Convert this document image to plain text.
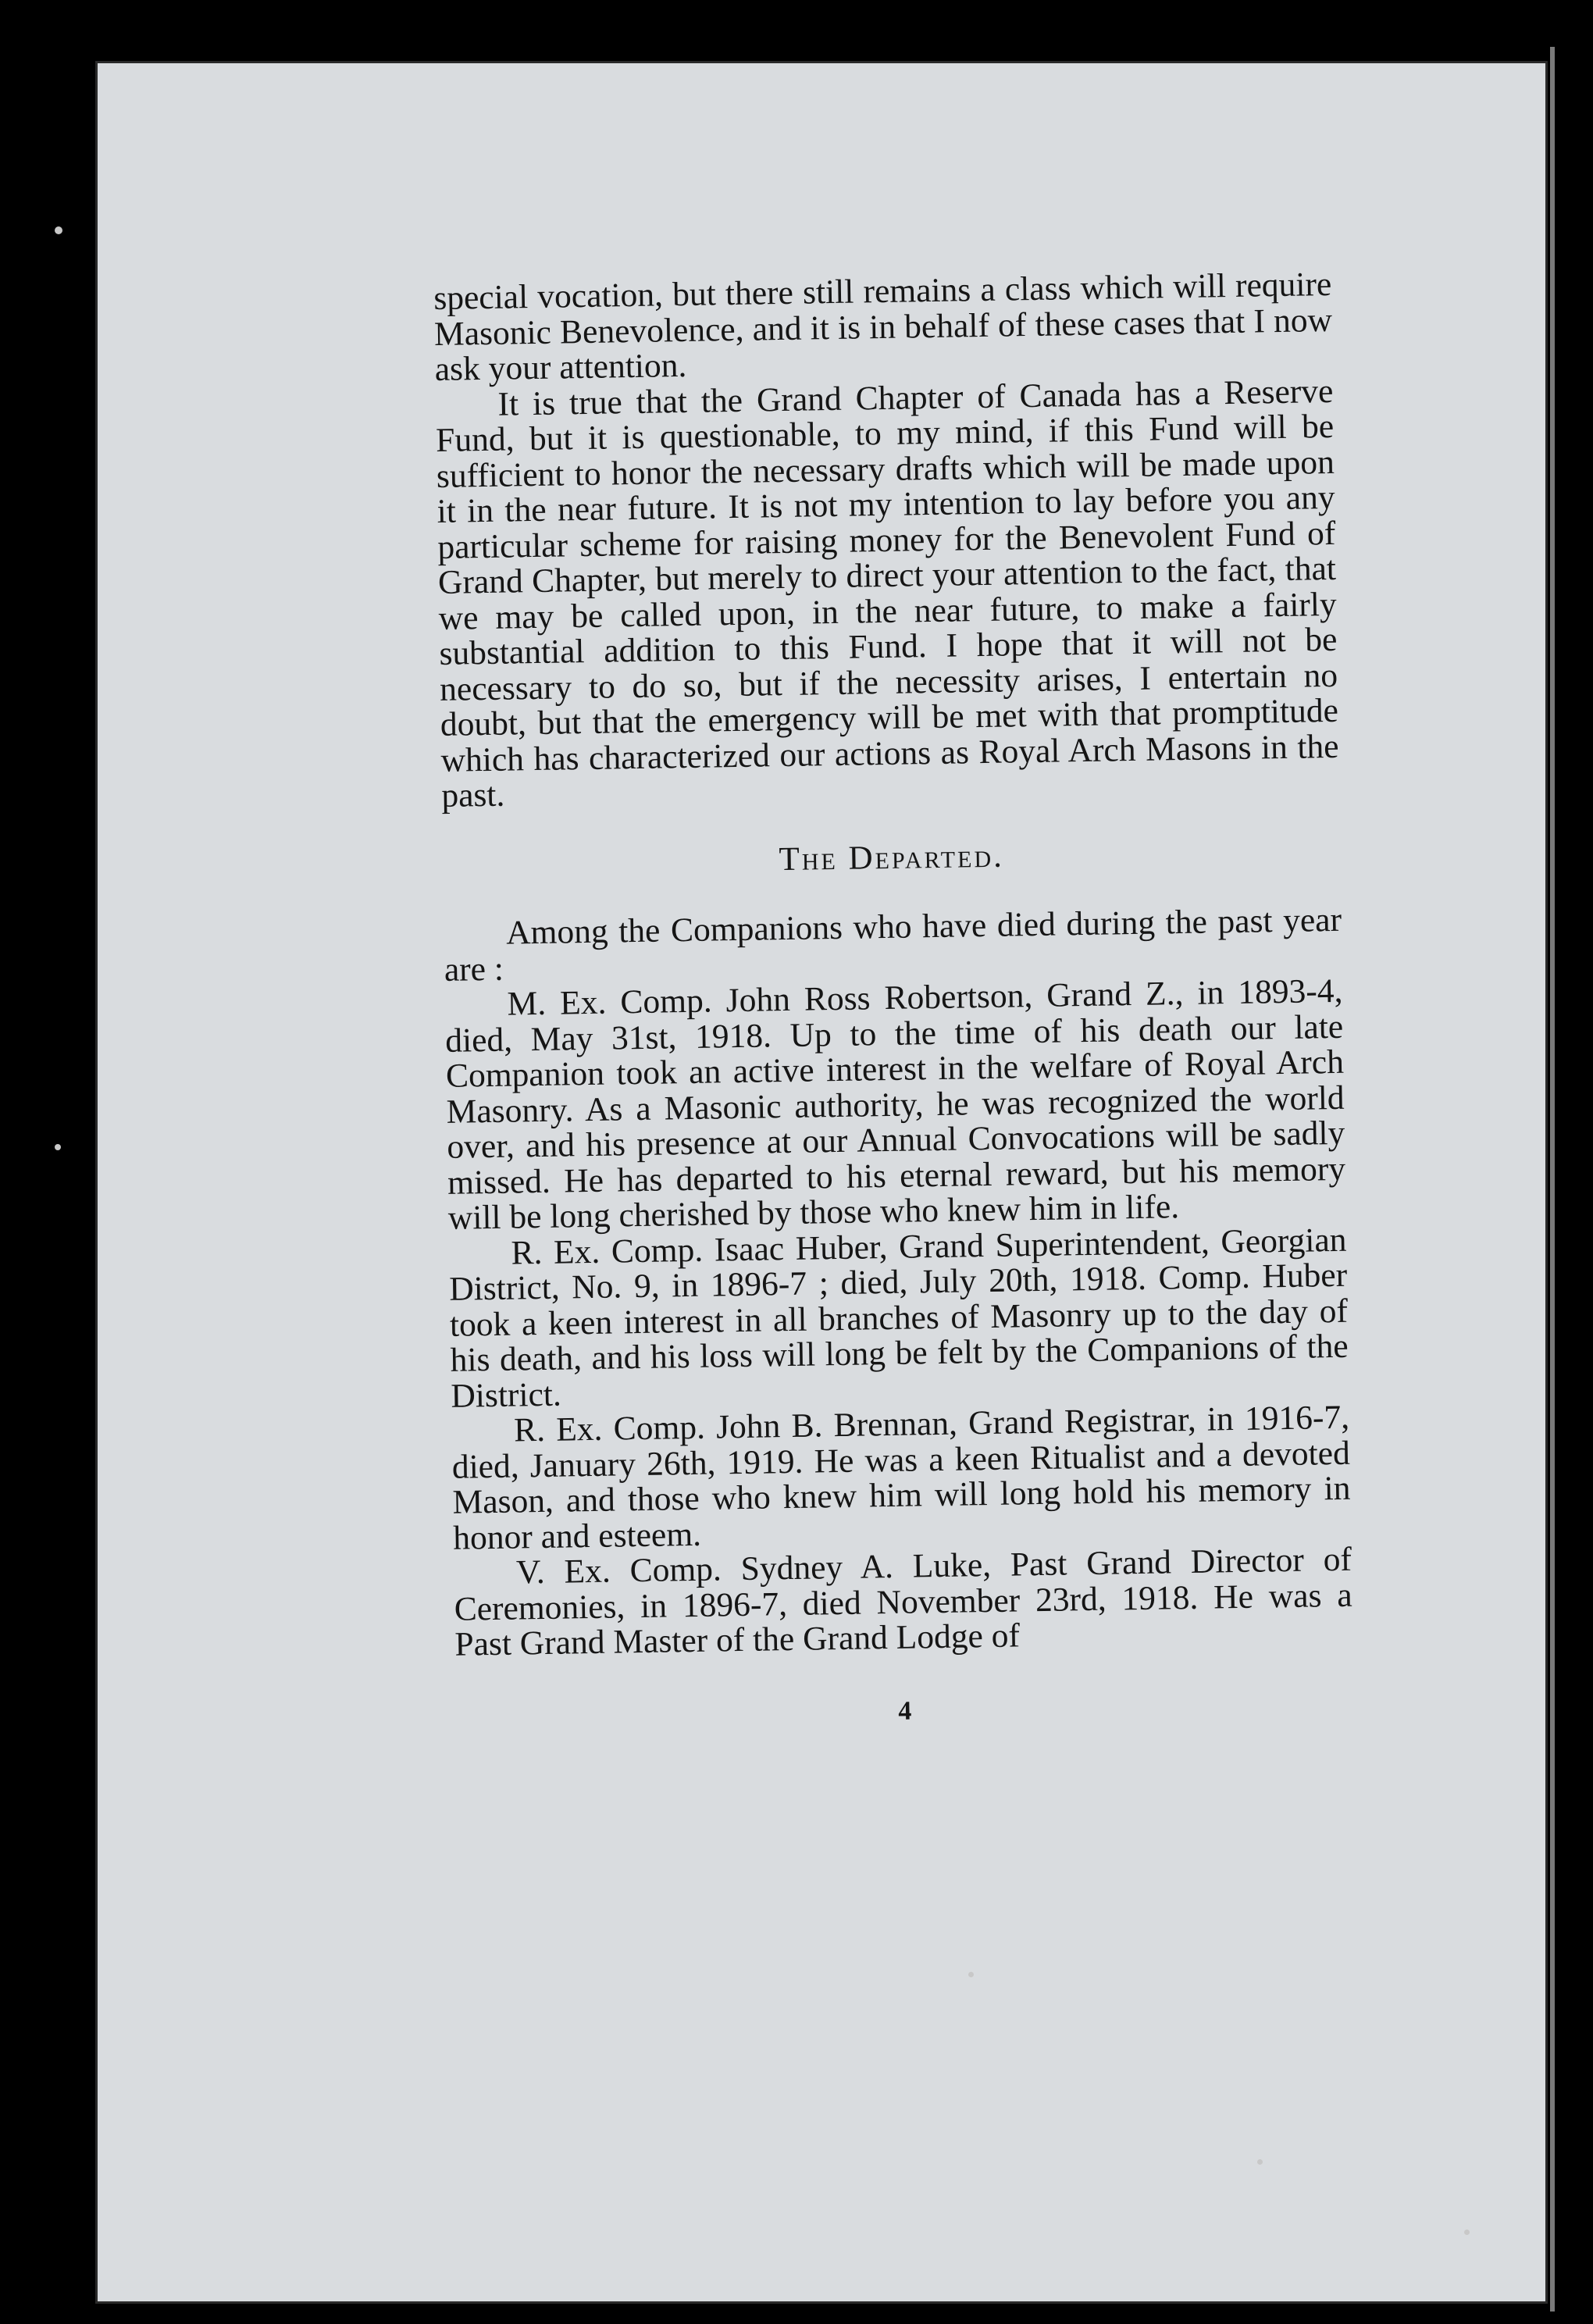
special vocation, but there still remains a class which will require Masonic Benevolence, and it is in behalf of these cases that I now ask your attention.

It is true that the Grand Chapter of Canada has a Reserve Fund, but it is questionable, to my mind, if this Fund will be sufficient to honor the necessary drafts which will be made upon it in the near future. It is not my intention to lay before you any particular scheme for raising money for the Benevolent Fund of Grand Chapter, but merely to direct your attention to the fact, that we may be called upon, in the near future, to make a fairly substantial addition to this Fund. I hope that it will not be necessary to do so, but if the necessity arises, I entertain no doubt, but that the emergency will be met with that promptitude which has characterized our actions as Royal Arch Masons in the past.

The Departed.

Among the Companions who have died during the past year are :

M. Ex. Comp. John Ross Robertson, Grand Z., in 1893-4, died, May 31st, 1918. Up to the time of his death our late Companion took an active interest in the welfare of Royal Arch Masonry. As a Masonic authority, he was recognized the world over, and his presence at our Annual Convocations will be sadly missed. He has departed to his eternal reward, but his memory will be long cherished by those who knew him in life.

R. Ex. Comp. Isaac Huber, Grand Superintendent, Georgian District, No. 9, in 1896-7 ; died, July 20th, 1918. Comp. Huber took a keen interest in all branches of Masonry up to the day of his death, and his loss will long be felt by the Companions of the District.

R. Ex. Comp. John B. Brennan, Grand Registrar, in 1916-7, died, January 26th, 1919. He was a keen Ritualist and a devoted Mason, and those who knew him will long hold his memory in honor and esteem.

V. Ex. Comp. Sydney A. Luke, Past Grand Director of Ceremonies, in 1896-7, died November 23rd, 1918. He was a Past Grand Master of the Grand Lodge of

4
